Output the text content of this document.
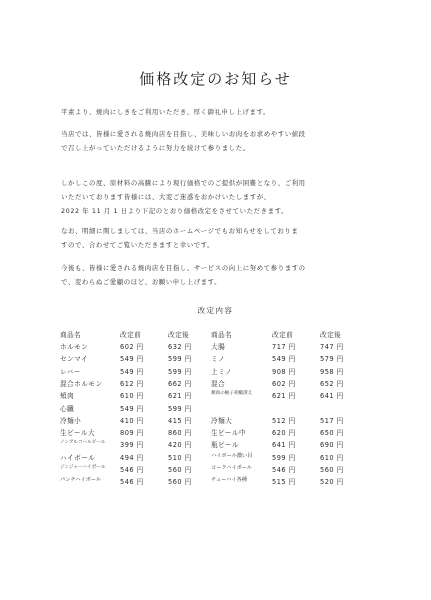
価格改定のお知らせ
平素より、焼肉にしきをご利用いただき、厚く御礼申し上げます。
当店では、皆様に愛される焼肉店を目指し、美味しいお肉をお求めやすい値段
で召し上がっていただけるように努力を続けて参りました。
しかしこの度、原材料の高騰により現行価格でのご提供が困難となり、ご利用
いただいております皆様には、大変ご迷惑をおかけいたしますが、
2022 年 11 月 1 日より下記のとおり価格改定をさせていただきます。
なお、明細に関しましては、当店のホームページでもお知らせをしておりま
すので、合わせてご覧いただきますと幸いです。
今後も、皆様に愛される焼肉店を目指し、サービスの向上に努めて参りますの
で、変わらぬご愛顧のほど、お願い申し上げます。
改定内容
商品名	改定前	改定後	商品名	改定前	改定後
ホルモン	602 円	632 円	大腸	717 円	747 円
センマイ	549 円	599 円	ミノ	549 円	579 円
レバー	549 円	599 円	上ミノ	908 円	958 円
混合ホルモン	612 円	662 円	混合	602 円	652 円
頬肉	610 円	621 円	頬肉の柚子胡椒漬え	621 円	641 円
心臓	549 円	599 円
冷麺小	410 円	415 円	冷麺大	512 円	517 円
生ビール大	809 円	860 円	生ビール中	620 円	650 円
ノンアルコールビール 399 円	420 円	瓶ビール	641 円	690 円
ハイボール	494 円	510 円	ハイボール濃い目	599 円	610 円
ジンジャーハイボール 546 円	560 円	コークハイボール	546 円	560 円
パンチハイボール	546 円	560 円	チューハイ各種	515 円	520 円
